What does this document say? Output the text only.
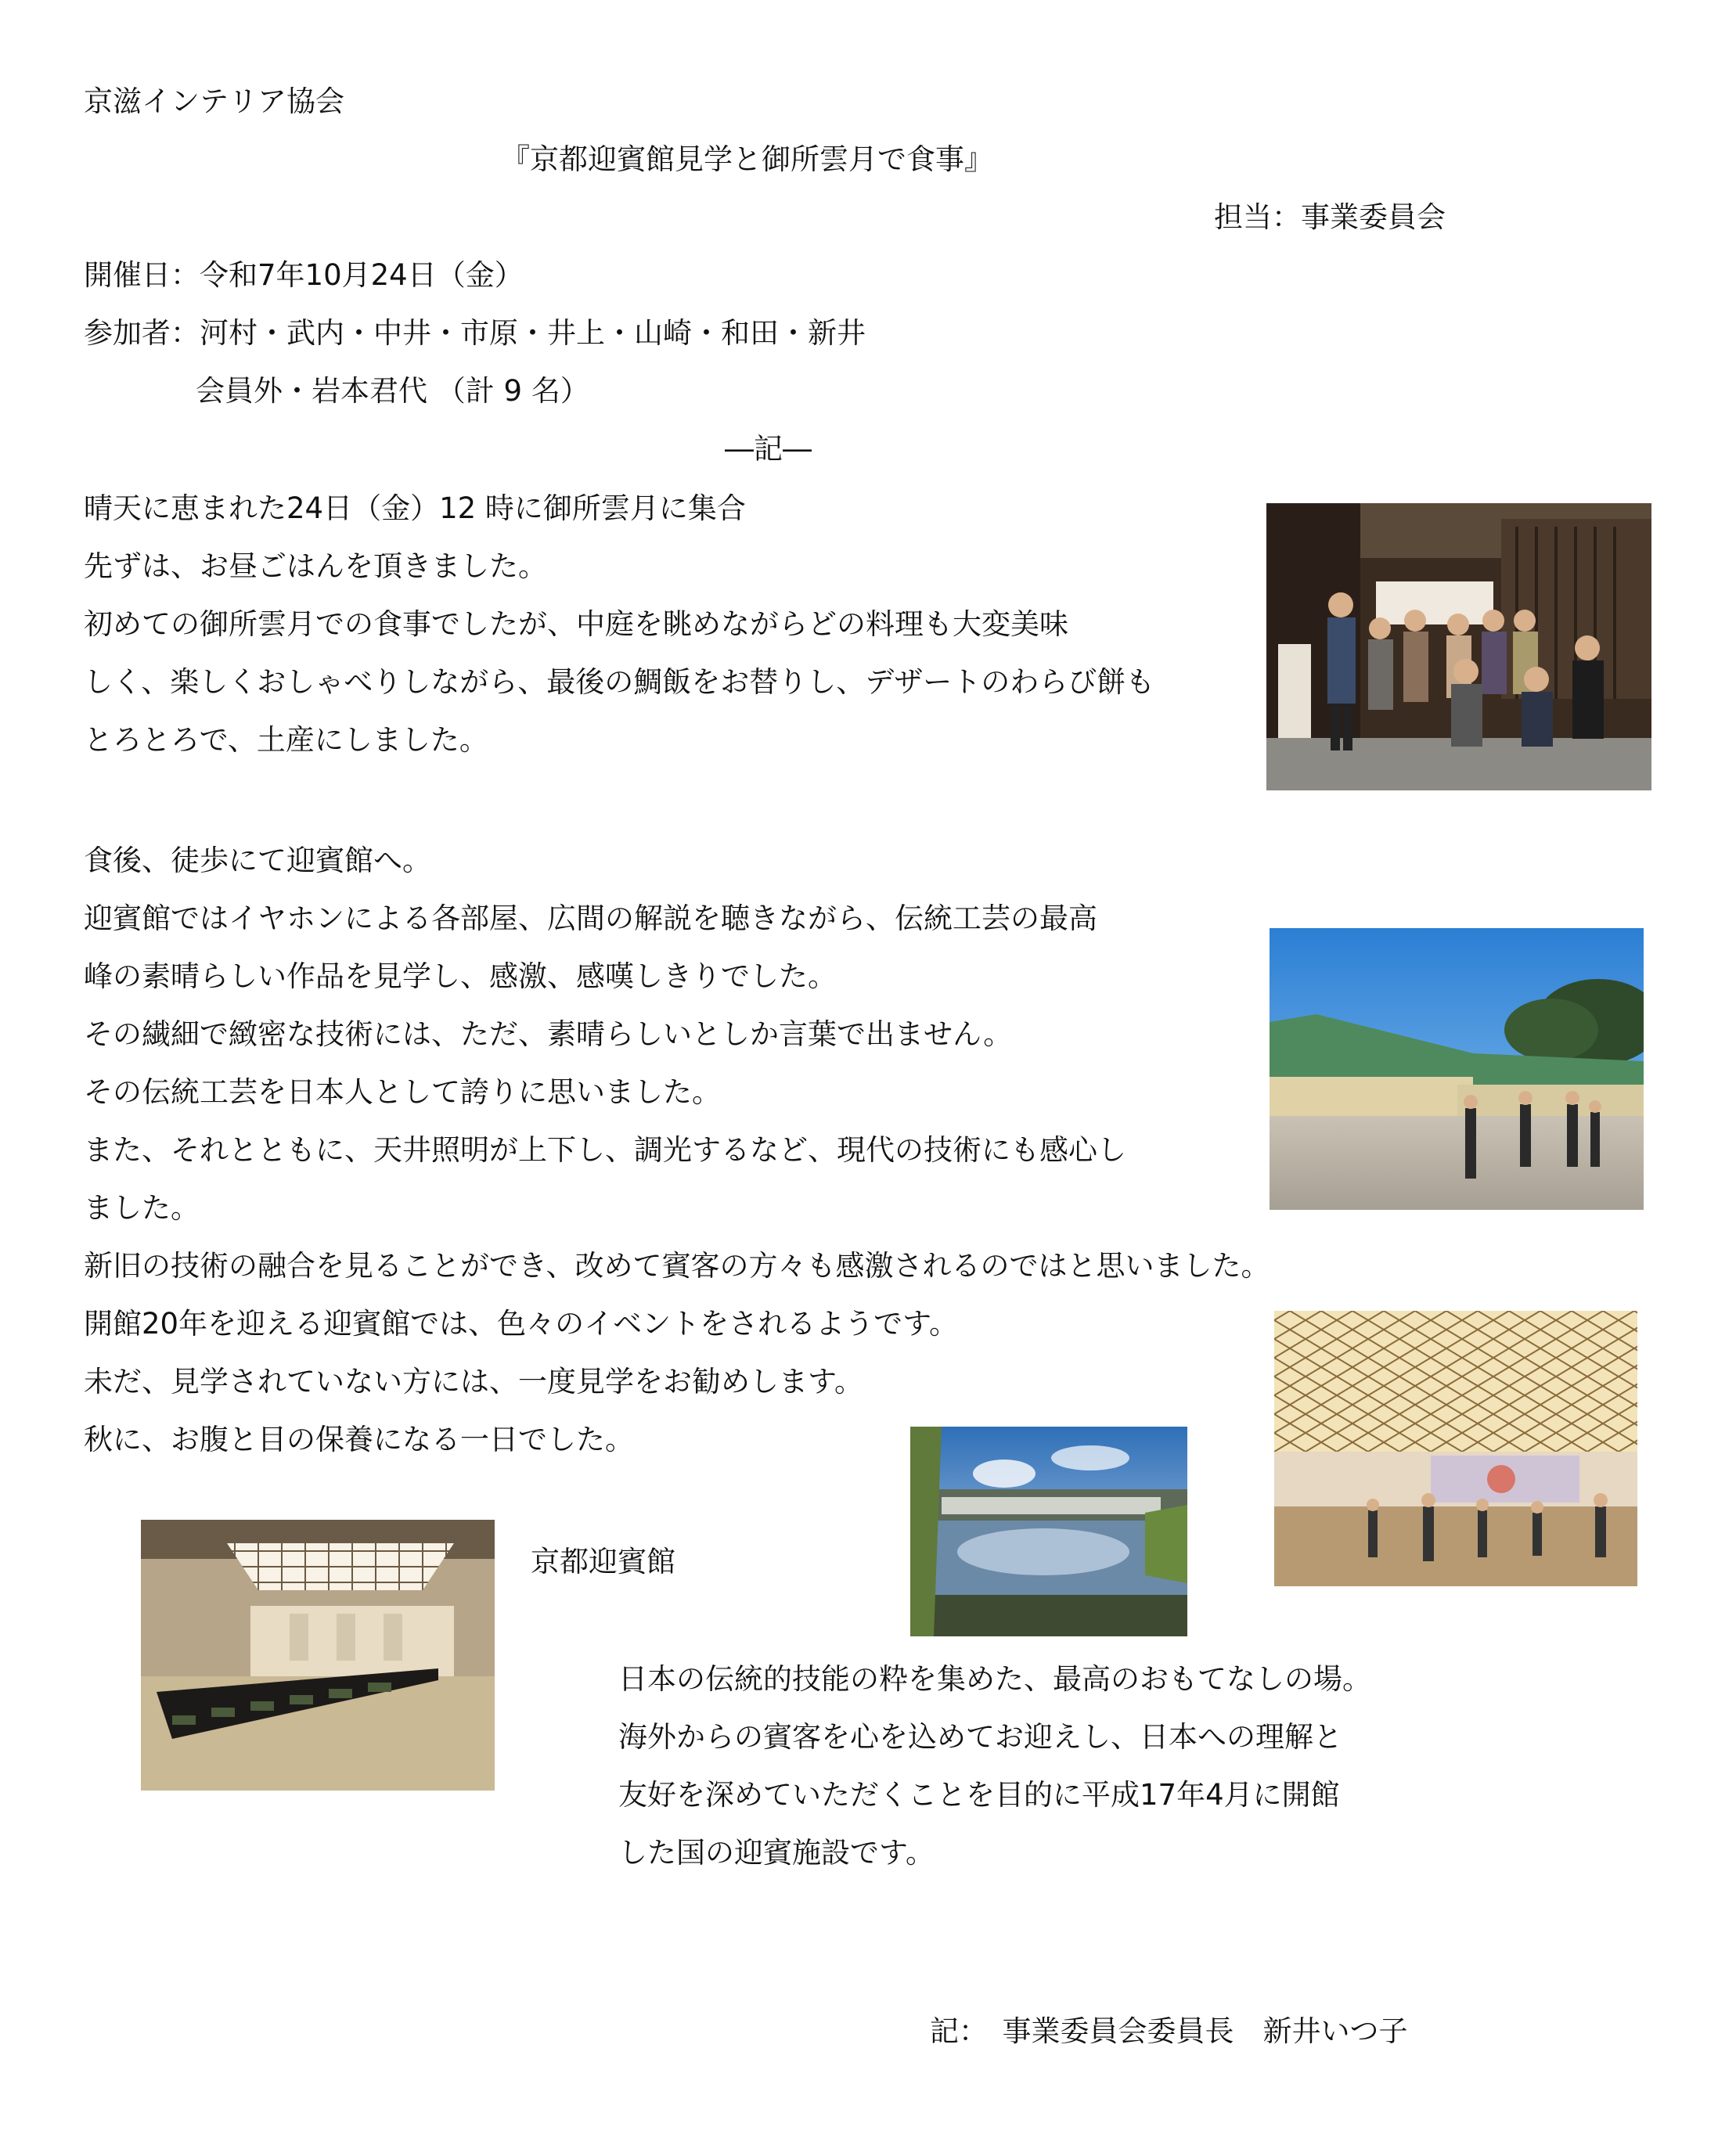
京滋インテリア協会
『京都迎賓館見学と御所雲月で食事』
担当：事業委員会
開催日：令和7年10月24日（金）
参加者：河村・武内・中井・市原・井上・山崎・和田・新井
会員外・岩本君代 （計 9 名）
―記―
晴天に恵まれた24日（金）12 時に御所雲月に集合
先ずは、お昼ごはんを頂きました。
初めての御所雲月での食事でしたが、中庭を眺めながらどの料理も大変美味
しく、楽しくおしゃべりしながら、最後の鯛飯をお替りし、デザートのわらび餅も
とろとろで、土産にしました。
食後、徒歩にて迎賓館へ。
迎賓館ではイヤホンによる各部屋、広間の解説を聴きながら、伝統工芸の最高
峰の素晴らしい作品を見学し、感激、感嘆しきりでした。
その繊細で緻密な技術には、ただ、素晴らしいとしか言葉で出ません。
その伝統工芸を日本人として誇りに思いました。
また、それとともに、天井照明が上下し、調光するなど、現代の技術にも感心し
ました。
新旧の技術の融合を見ることができ、改めて賓客の方々も感激されるのではと思いました。
開館20年を迎える迎賓館では、色々のイベントをされるようです。
未だ、見学されていない方には、一度見学をお勧めします。
秋に、お腹と目の保養になる一日でした。
京都迎賓館
日本の伝統的技能の粋を集めた、最高のおもてなしの場。
海外からの賓客を心を込めてお迎えし、日本への理解と
友好を深めていただくことを目的に平成17年4月に開館
した国の迎賓施設です。
記：　事業委員会委員長　新井いつ子
